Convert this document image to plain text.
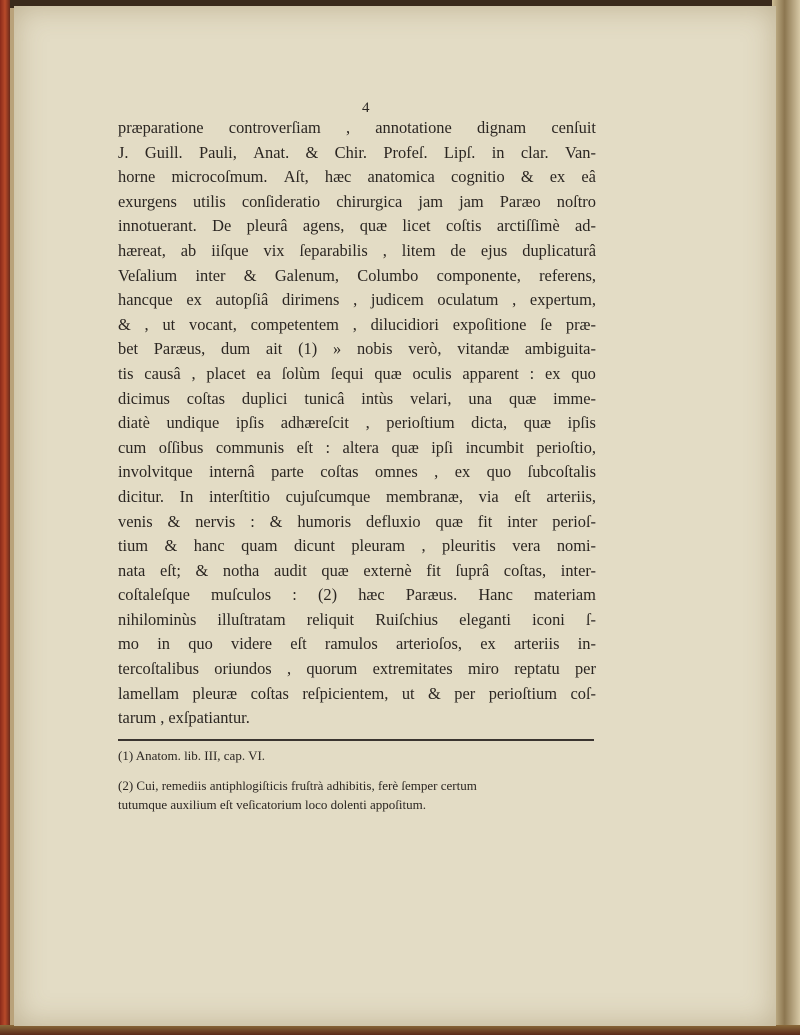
4
præparatione controverſiam , annotatione dignam cenſuit
J. Guill. Pauli, Anat. & Chir. Profeſ. Lipſ. in clar. Van-
horne microcoſmum. Aſt, hæc anatomica cognitio & ex eâ
exurgens utilis conſideratio chirurgica jam jam Paræo noſtro
innotuerant. De pleurâ agens, quæ licet coſtis arctiſſimè ad-
hæreat, ab iiſque vix ſeparabilis , litem de ejus duplicaturâ
Veſalium inter & Galenum, Columbo componente, referens,
hancque ex autopſiâ dirimens , judicem oculatum , expertum,
& , ut vocant, competentem , dilucidiori expoſitione ſe præ-
bet Paræus, dum ait (1) » nobis verò, vitandæ ambiguita-
tis causâ , placet ea ſolùm ſequi quæ oculis apparent : ex quo
dicimus coſtas duplici tunicâ intùs velari, una quæ imme-
diatè undique ipſis adhæreſcit , perioſtium dicta, quæ ipſis
cum oſſibus communis eſt : altera quæ ipſi incumbit perioſtio,
involvitque internâ parte coſtas omnes , ex quo ſubcoſtalis
dicitur. In interſtitio cujuſcumque membranæ, via eſt arteriis,
venis & nervis : & humoris defluxio quæ fit inter perioſ-
tium & hanc quam dicunt pleuram , pleuritis vera nomi-
nata eſt; & notha audit quæ externè fit ſuprâ coſtas, inter-
coſtaleſque muſculos : (2) hæc Paræus. Hanc materiam
nihilominùs illuſtratam reliquit Ruiſchius eleganti iconi ſ-
mo in quo videre eſt ramulos arterioſos, ex arteriis in-
tercoſtalibus oriundos , quorum extremitates miro reptatu per
lamellam pleuræ coſtas reſpicientem, ut & per perioſtium coſ-
tarum , exſpatiantur.
(1) Anatom. lib. III, cap. VI.
(2) Cui, remediis antiphlogiſticis fruſtrà adhibitis, ferè ſemper certum
tutumque auxilium eſt veſicatorium loco dolenti appoſitum.
